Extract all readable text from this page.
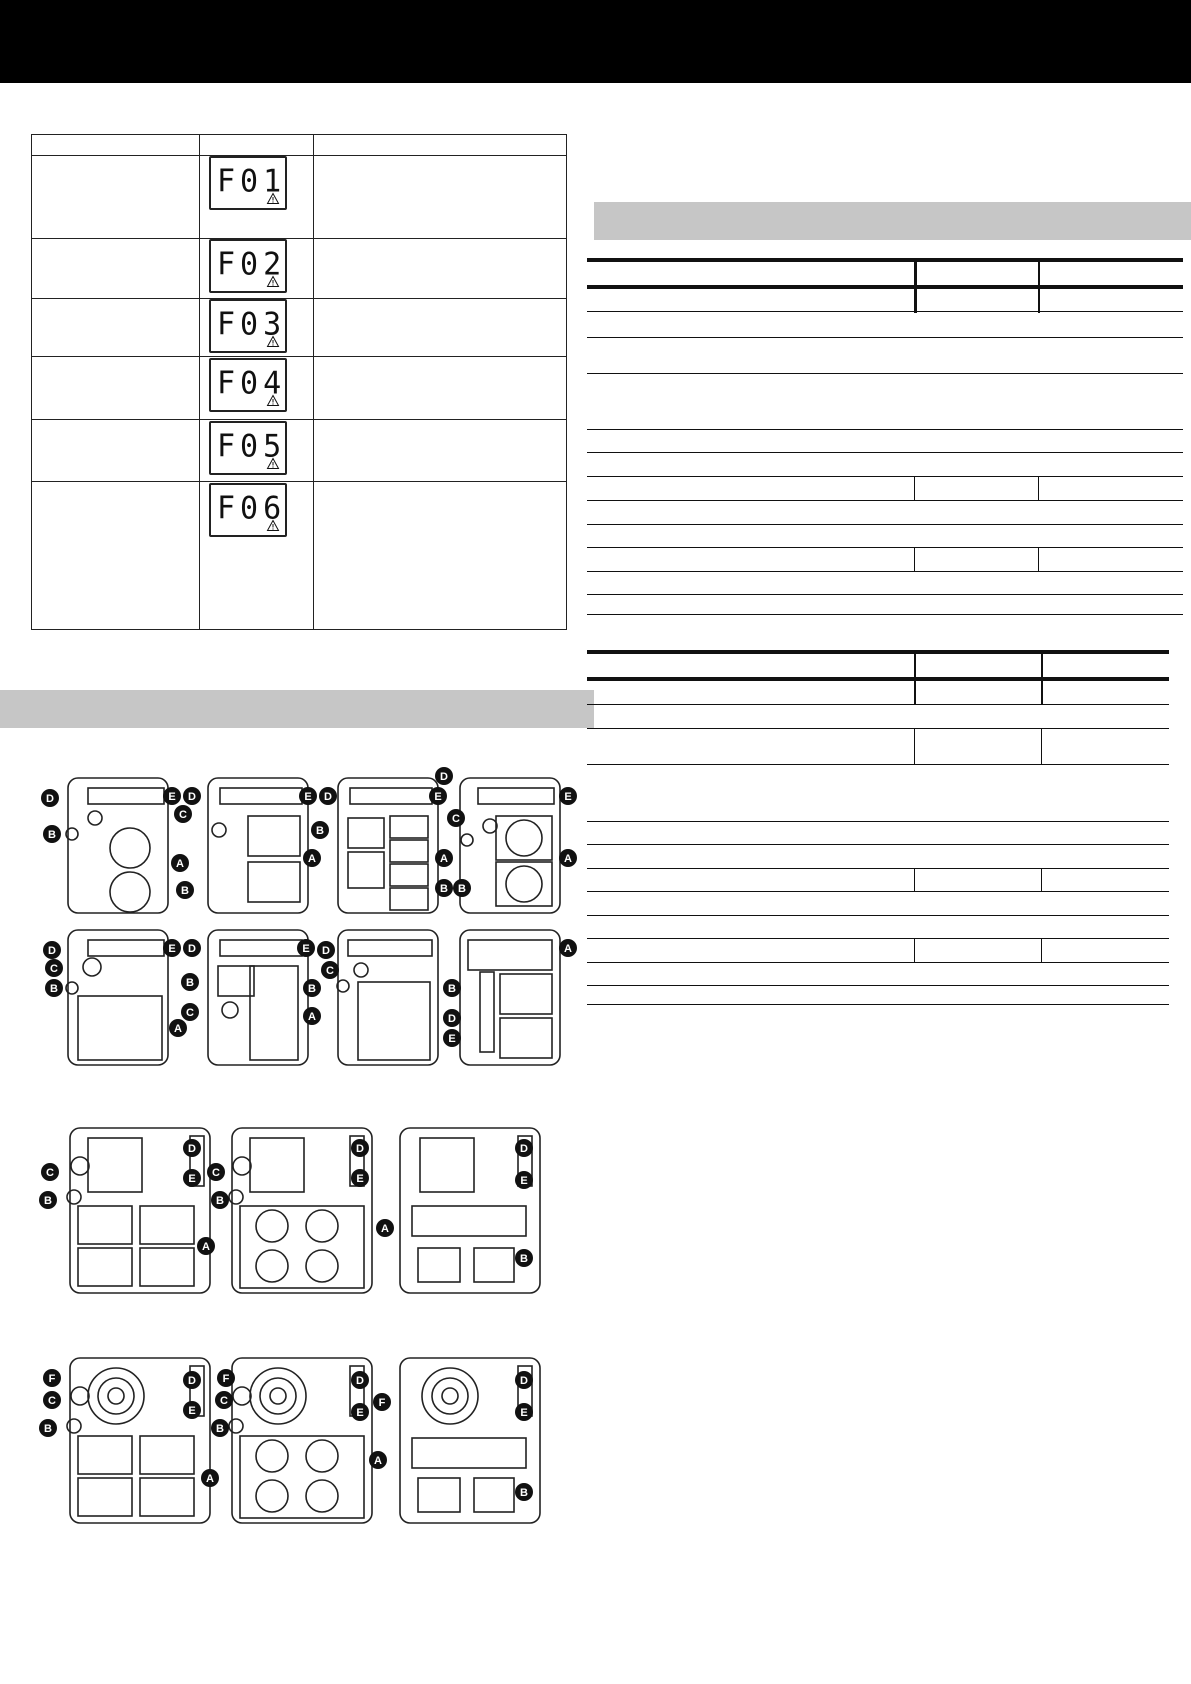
F01
F02
F03
F04
F05
F06
D	E
B
A
D	E
C
A
B
D	E
B
A
B
D
E
C
A
B
D	E
C
B
A
D	E
B
C	A
D
C
B
A
B
D
E
C
B
D
E
A
C
B
D
E
A
D
E
B
F
C
B
D
E
A
F
C
B
D
E
F
D
E
A
B
